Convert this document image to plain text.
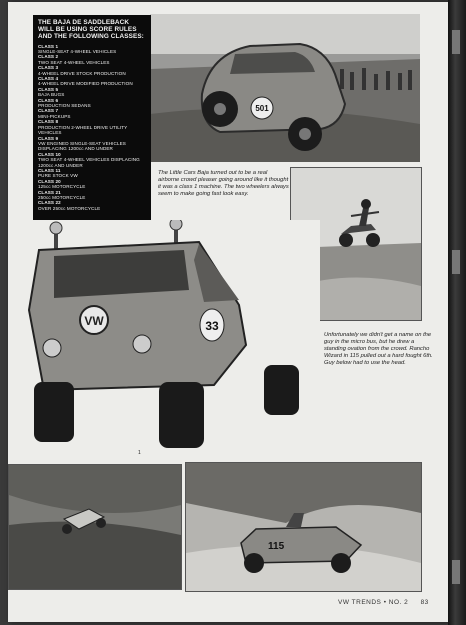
501
THE BAJA DE SADDLEBACK WILL BE USING SCORE RULES AND THE FOLLOWING CLASSES:
CLASS 1
SINGLE-SEAT 4-WHEEL VEHICLES
CLASS 2
TWO SEAT 4-WHEEL VEHICLES
CLASS 3
4-WHEEL DRIVE STOCK PRODUCTION
CLASS 4
4-WHEEL DRIVE MODIFIED PRODUCTION
CLASS 5
BAJA BUGS
CLASS 6
PRODUCTION SEDANS
CLASS 7
MINI-PICKUPS
CLASS 8
PRODUCTION 2-WHEEL DRIVE UTILITY VEHICLES
CLASS 9
VW ENGINED SINGLE-SEAT VEHICLES DISPLACING 1200cc AND UNDER
CLASS 10
TWO SEAT 4-WHEEL VEHICLES DISPLACING 1200cc AND UNDER
CLASS 11
PURE STOCK VW
CLASS 20
125cc MOTORCYCLE
CLASS 21
250cc MOTORCYCLE
CLASS 22
OVER 250cc MOTORCYCLE
The Little Cars Baja turned out to be a real airborne crowd pleaser going around like it thought it was a class 1 machine. The two wheelers always seem to make going fast look easy.
VW	33
1
Unfortunately we didn't get a name on the guy in the micro bus, but he drew a standing ovation from the crowd. Rancho Wizard in 115 pulled out a hard fought 6th. Guy below had to use the head.
115
VW TRENDS • NO. 2 83
